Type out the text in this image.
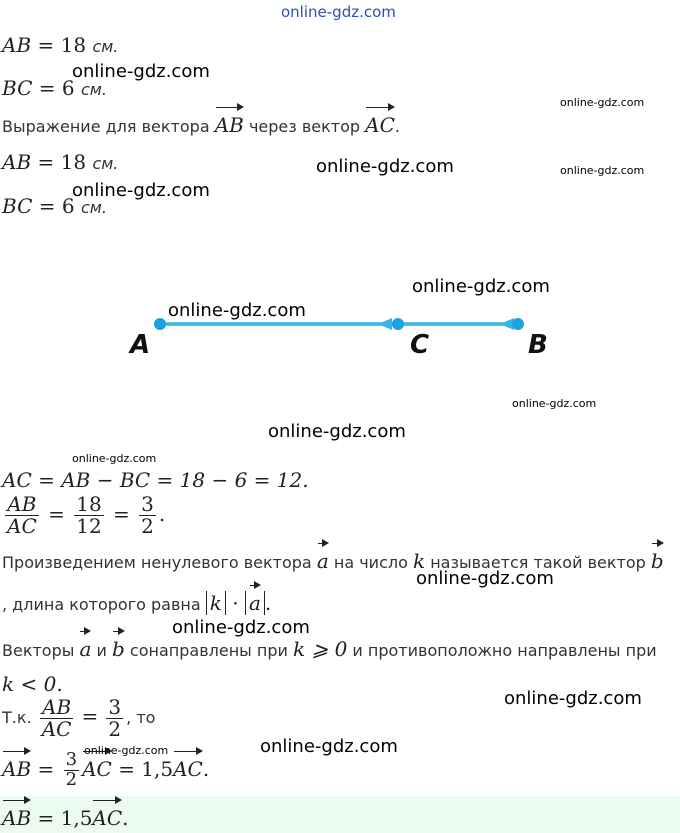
online-gdz.com
AB = 18 см.
BC = 6 см.
Выражение для вектора AB через вектор AC.
AB = 18 см.
BC = 6 см.
A	C	B
AC = AB − BC = 18 − 6 = 12.
$\frac{AB}{AC} = \frac{18}{12} = \frac{3}{2}$ .
Произведением ненулевого вектора a на число k называется такой вектор b
, длина которого равна k · a .
Векторы a и b сонаправлены при k ⩾ 0 и противоположно направлены при
k < 0.
Т.к. $\frac{AB}{AC} = \frac{3}{2}$ , то
AB = $\frac{3}{2}$ AC = 1,5AC.
AB = 1,5AC.
online-gdz.com
online-gdz.com
online-gdz.com	online-gdz.com
online-gdz.com
online-gdz.com
online-gdz.com
online-gdz.com
online-gdz.com
online-gdz.com
online-gdz.com
online-gdz.com
online-gdz.com
online-gdz.com
online-gdz.com
